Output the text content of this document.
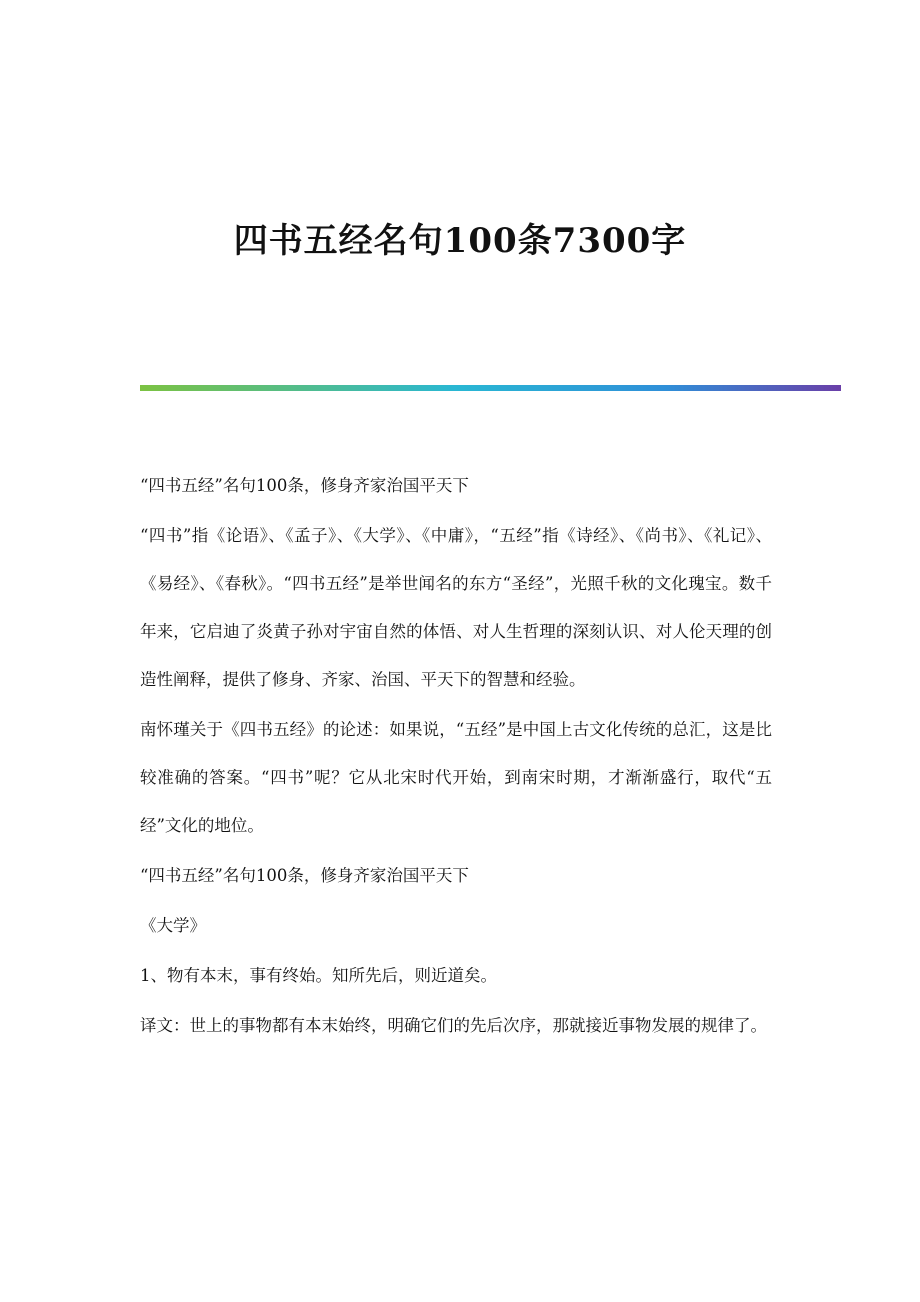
四书五经名句100条7300字

“四书五经”名句100条，修身齐家治国平天下

“四书”指《论语》、《孟子》、《大学》、《中庸》，“五经”指《诗经》、《尚书》、《礼记》、《易经》、《春秋》。“四书五经”是举世闻名的东方“圣经”，光照千秋的文化瑰宝。数千年来，它启迪了炎黄子孙对宇宙自然的体悟、对人生哲理的深刻认识、对人伦天理的创造性阐释，提供了修身、齐家、治国、平天下的智慧和经验。

南怀瑾关于《四书五经》的论述：如果说，“五经”是中国上古文化传统的总汇，这是比较准确的答案。“四书”呢？它从北宋时代开始，到南宋时期，才渐渐盛行，取代“五经”文化的地位。

“四书五经”名句100条，修身齐家治国平天下

《大学》

1、物有本末，事有终始。知所先后，则近道矣。

译文：世上的事物都有本末始终，明确它们的先后次序，那就接近事物发展的规律了。
